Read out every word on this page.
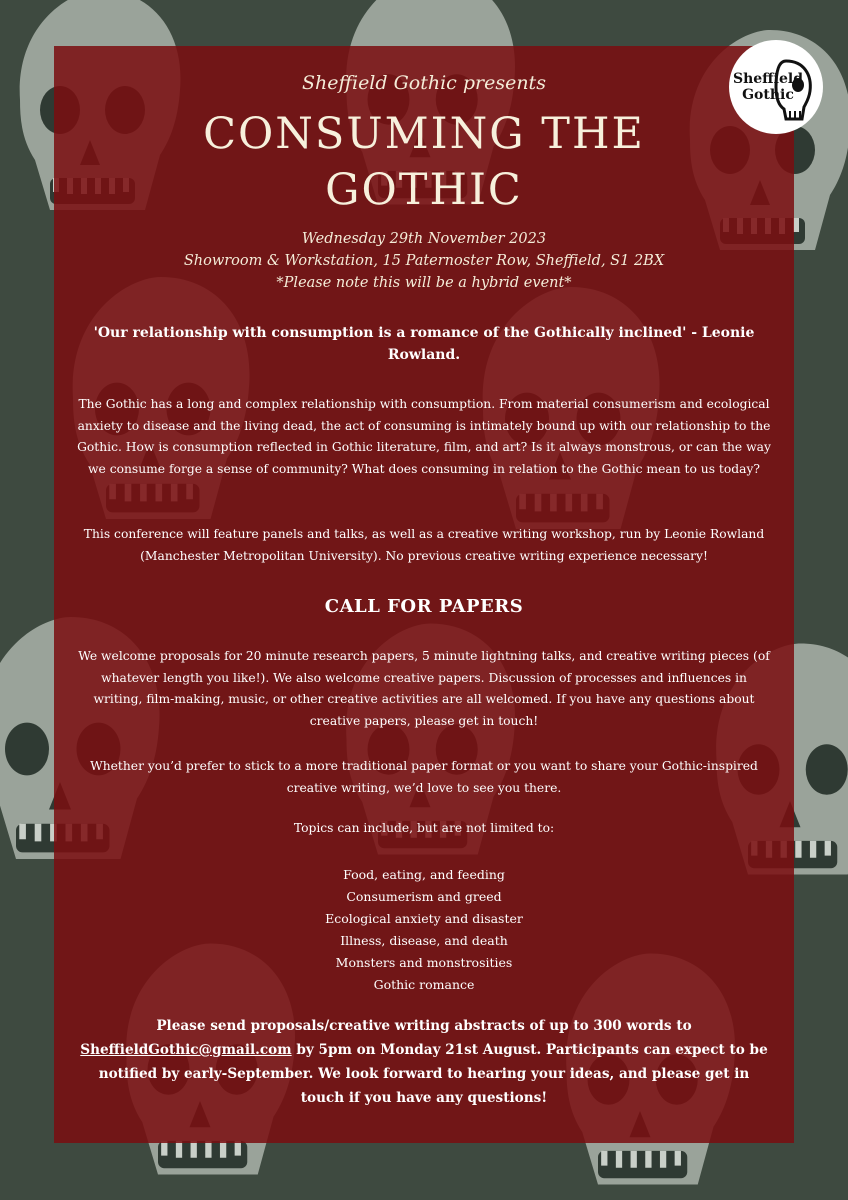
Sheffield Gothic presents
CONSUMING THE
GOTHIC
Wednesday 29th November 2023
Showroom & Workstation, 15 Paternoster Row, Sheffield, S1 2BX
*Please note this will be a hybrid event*
'Our relationship with consumption is a romance of the Gothically inclined' - Leonie Rowland.
The Gothic has a long and complex relationship with consumption. From material consumerism and ecological anxiety to disease and the living dead, the act of consuming is intimately bound up with our relationship to the Gothic. How is consumption reflected in Gothic literature, film, and art? Is it always monstrous, or can the way we consume forge a sense of community? What does consuming in relation to the Gothic mean to us today?
This conference will feature panels and talks, as well as a creative writing workshop, run by Leonie Rowland (Manchester Metropolitan University). No previous creative writing experience necessary!
CALL FOR PAPERS
We welcome proposals for 20 minute research papers, 5 minute lightning talks, and creative writing pieces (of whatever length you like!). We also welcome creative papers. Discussion of processes and influences in writing, film-making, music, or other creative activities are all welcomed. If you have any questions about creative papers, please get in touch!
Whether you’d prefer to stick to a more traditional paper format or you want to share your Gothic-inspired creative writing, we’d love to see you there.
Topics can include, but are not limited to:
Food, eating, and feeding
Consumerism and greed
Ecological anxiety and disaster
Illness, disease, and death
Monsters and monstrosities
Gothic romance
Please send proposals/creative writing abstracts of up to 300 words to SheffieldGothic@gmail.com by 5pm on Monday 21st August. Participants can expect to be notified by early-September. We look forward to hearing your ideas, and please get in touch if you have any questions!
Sheffield
Gothic
